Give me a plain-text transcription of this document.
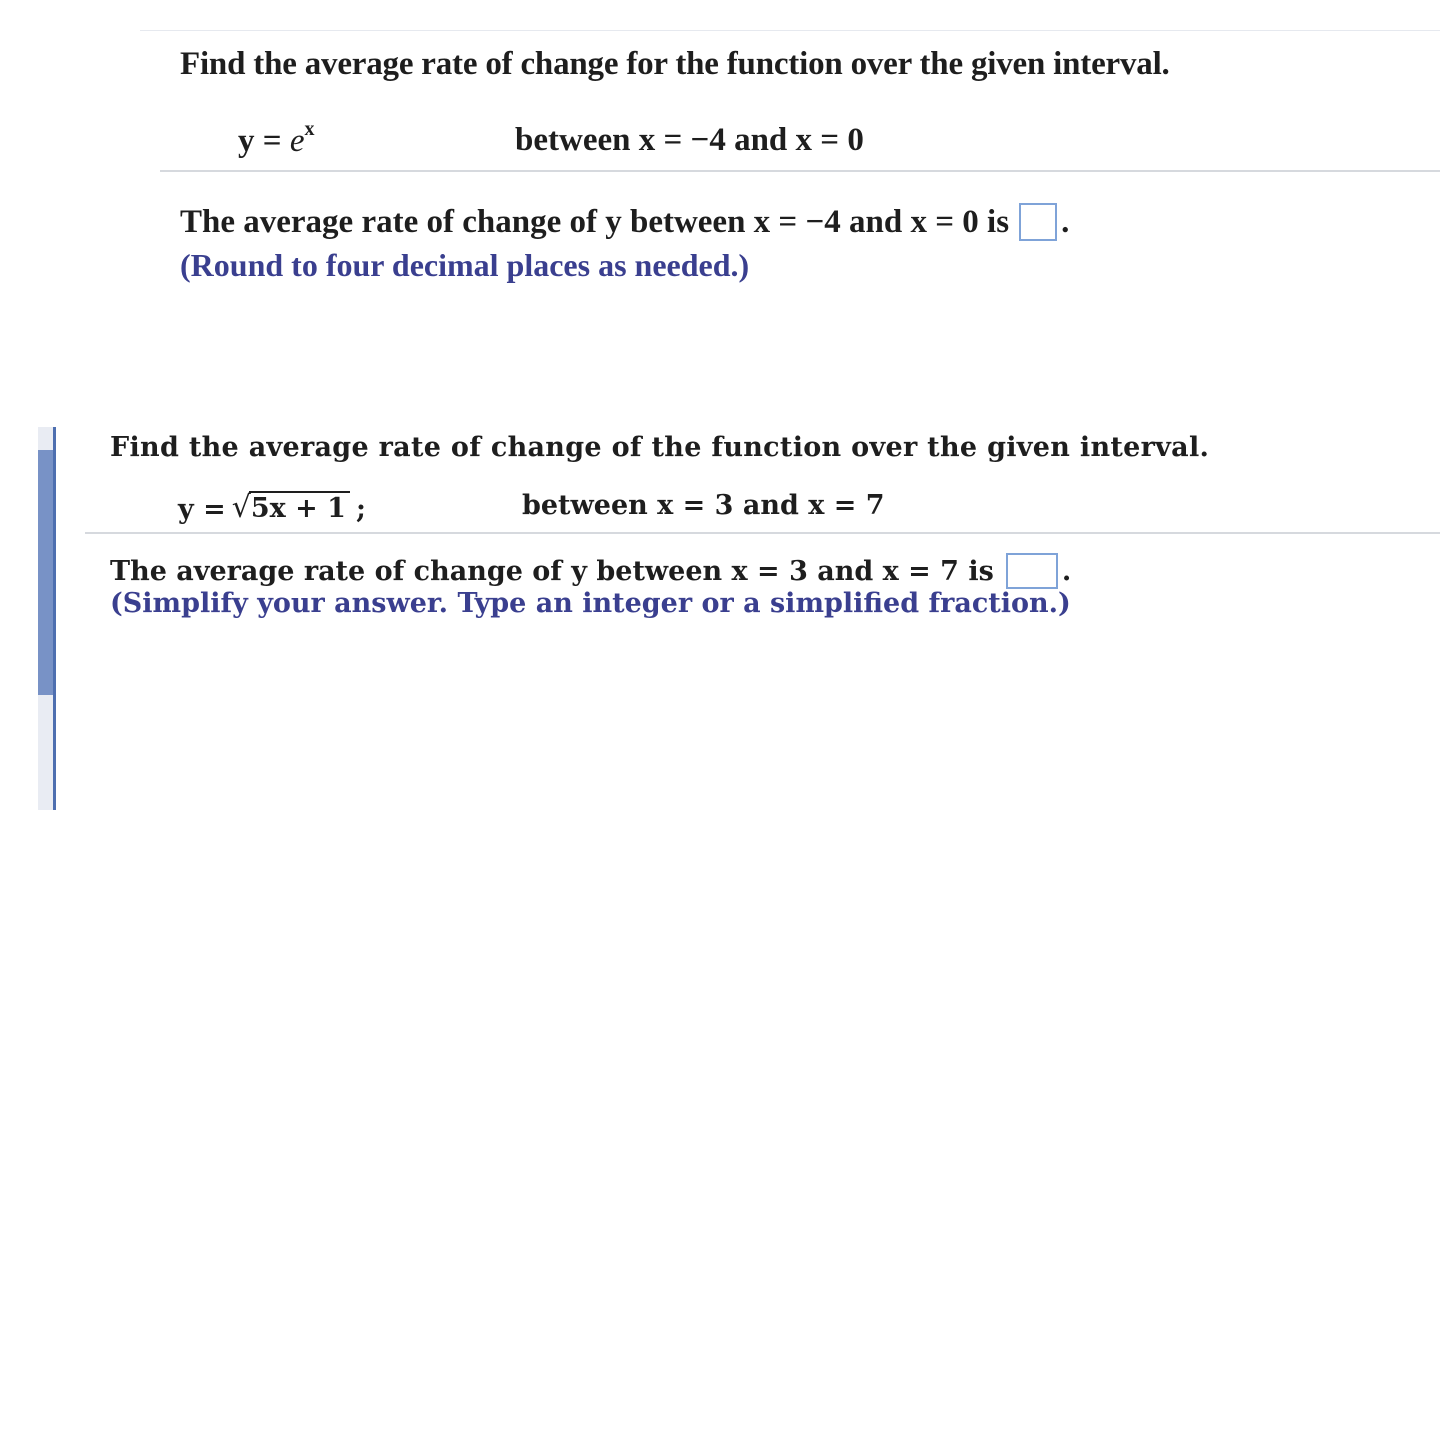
Find the average rate of change for the function over the given interval.
$y = e^x$	between x = −4 and x = 0
The average rate of change of y between x = −4 and x = 0 is .
(Round to four decimal places as needed.)
Find the average rate of change of the function over the given interval.
y = √5x + 1 ;	between x = 3 and x = 7
The average rate of change of y between x = 3 and x = 7 is	.
(Simplify your answer. Type an integer or a simplified fraction.)
